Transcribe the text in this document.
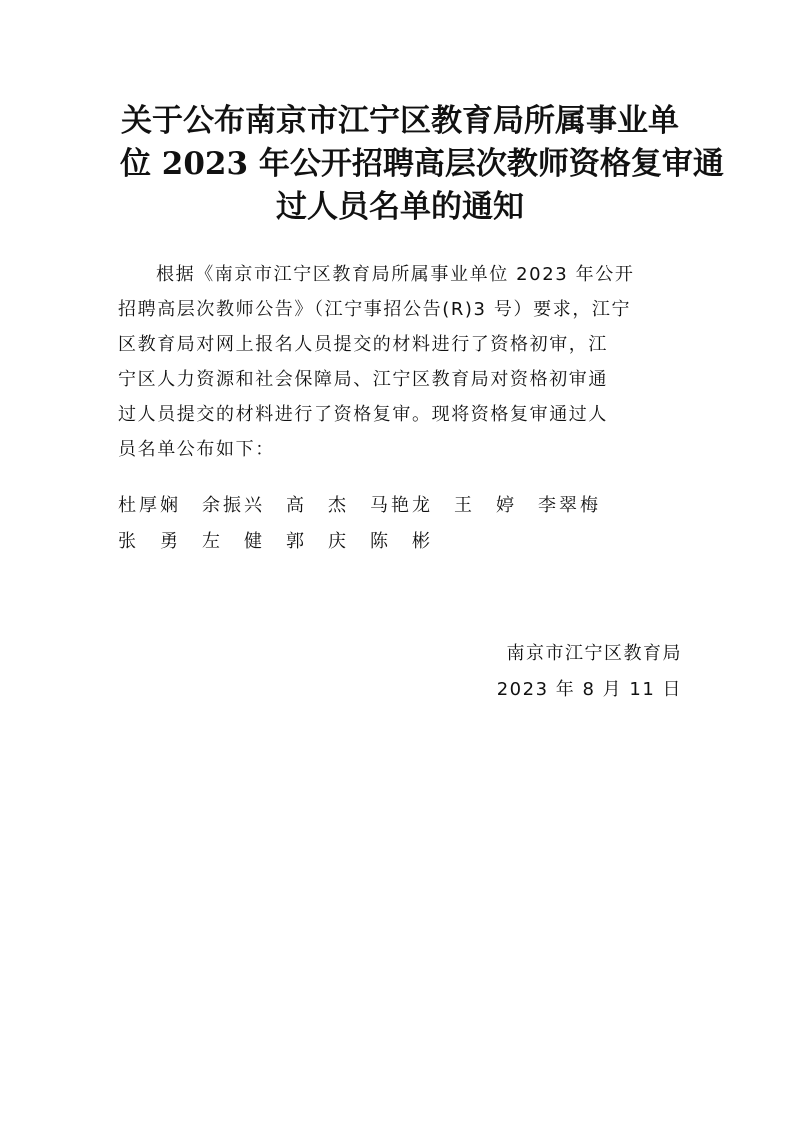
关于公布南京市江宁区教育局所属事业单
位 2023 年公开招聘高层次教师资格复审通
过人员名单的通知
根据《南京市江宁区教育局所属事业单位 2023 年公开
招聘高层次教师公告》（江宁事招公告(R)3 号）要求，江宁
区教育局对网上报名人员提交的材料进行了资格初审，江
宁区人力资源和社会保障局、江宁区教育局对资格初审通
过人员提交的材料进行了资格复审。现将资格复审通过人
员名单公布如下：
杜厚娴	余振兴	高　杰	马艳龙	王　婷	李翠梅
张　勇	左　健	郭　庆	陈　彬
南京市江宁区教育局
2023 年 8 月 11 日
